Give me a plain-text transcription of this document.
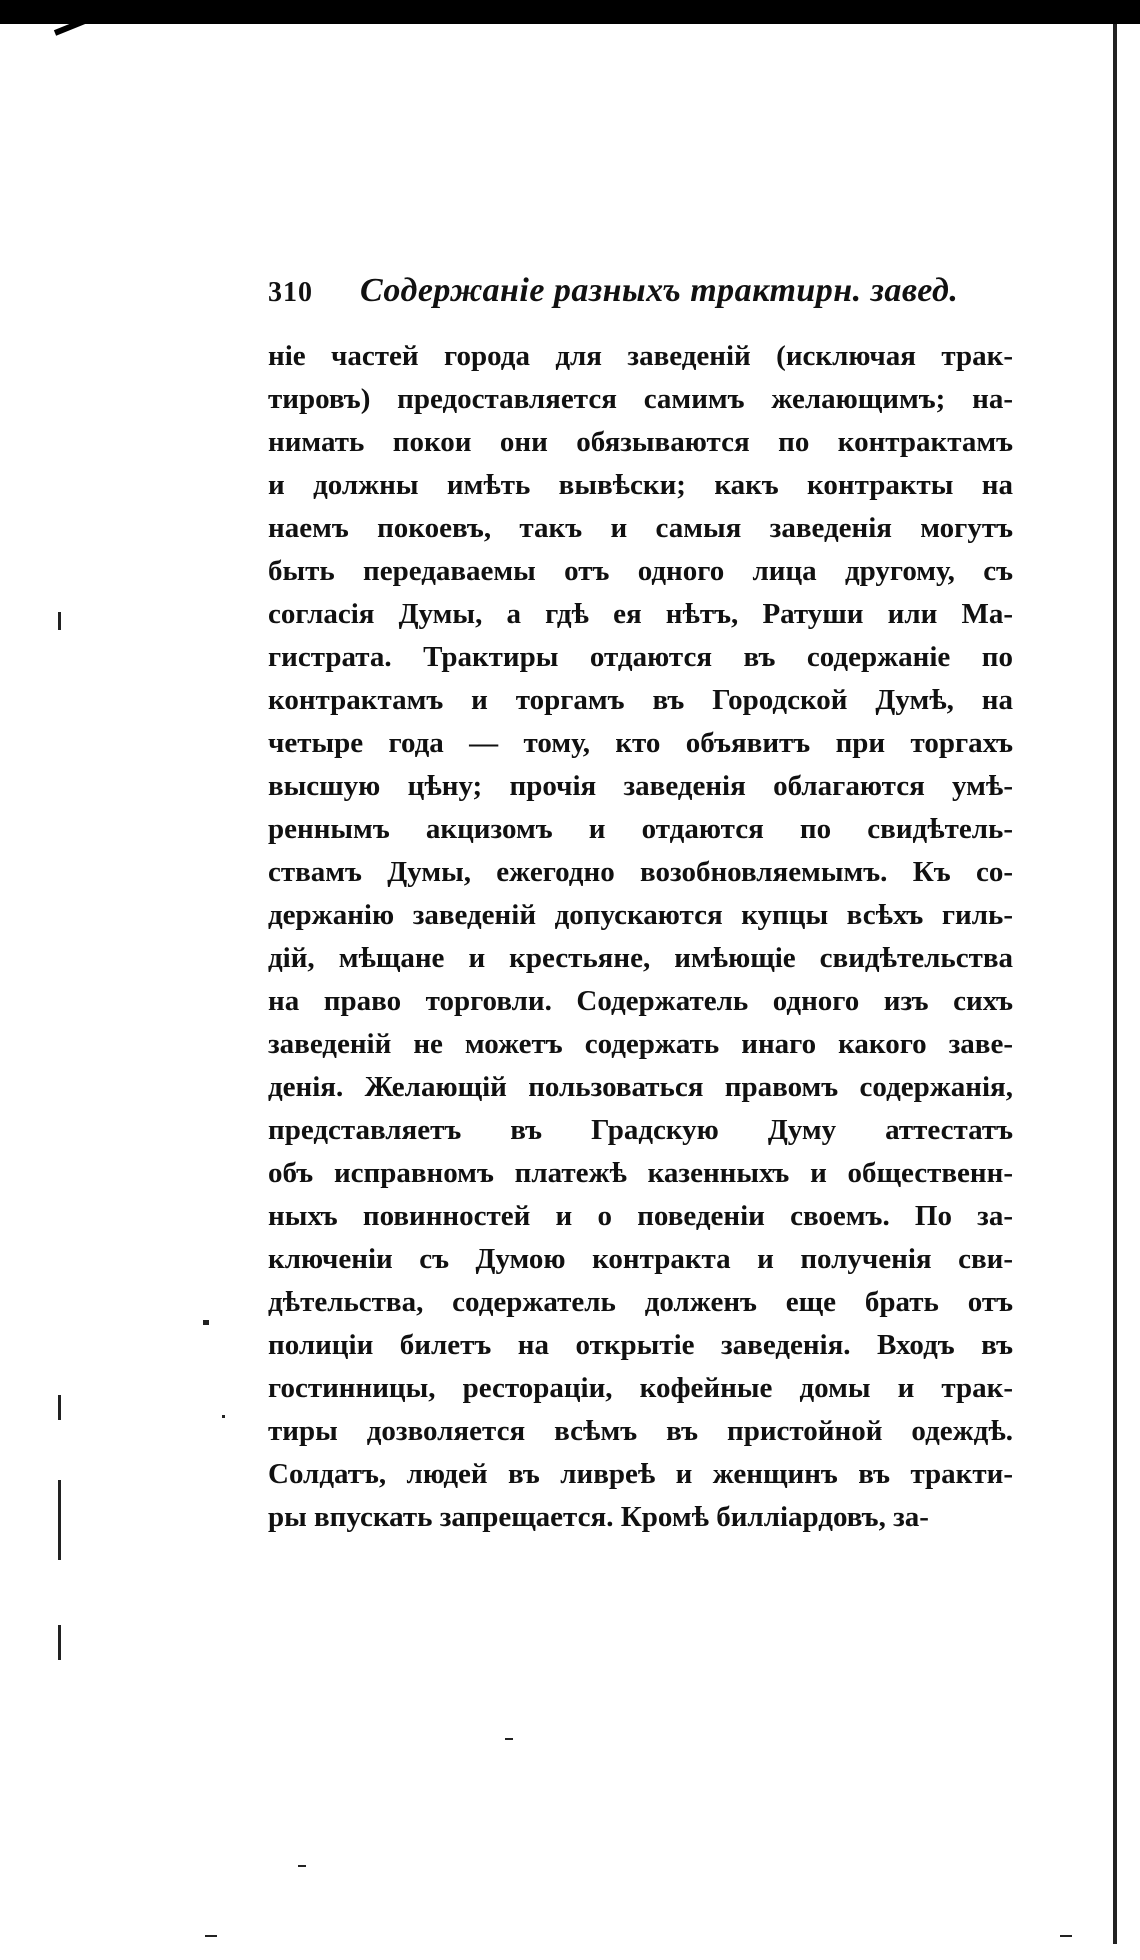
310	Содержаніе разныхъ трактирн. завед.
ніе частей города для заведеній (исключая трак-
тировъ) предоставляется самимъ желающимъ; на-
нимать покои они обязываются по контрактамъ
и должны имѣть вывѣски; какъ контракты на
наемъ покоевъ, такъ и самыя заведенія могутъ
быть передаваемы отъ одного лица другому, съ
согласія Думы, а гдѣ ея нѣтъ, Ратуши или Ма-
гистрата. Трактиры отдаются въ содержаніе по
контрактамъ и торгамъ въ Городской Думѣ, на
четыре года — тому, кто объявитъ при торгахъ
высшую цѣну; прочія заведенія облагаются умѣ-
реннымъ акцизомъ и отдаются по свидѣтель-
ствамъ Думы, ежегодно возобновляемымъ. Къ со-
держанію заведеній допускаются купцы всѣхъ гиль-
дій, мѣщане и крестьяне, имѣющіе свидѣтельства
на право торговли. Содержатель одного изъ сихъ
заведеній не можетъ содержать инаго какого заве-
денія. Желающій пользоваться правомъ содержанія,
представляетъ въ Градскую Думу аттестатъ
объ исправномъ платежѣ казенныхъ и общественн-
ныхъ повинностей и о поведеніи своемъ. По за-
ключеніи съ Думою контракта и полученія сви-
дѣтельства, содержатель долженъ еще брать отъ
полиціи билетъ на открытіе заведенія. Входъ въ
гостинницы, рестораціи, кофейные домы и трак-
тиры дозволяется всѣмъ въ пристойной одеждѣ.
Солдатъ, людей въ ливреѣ и женщинъ въ тракти-
ры впускать запрещается. Кромѣ билліардовъ, за-
